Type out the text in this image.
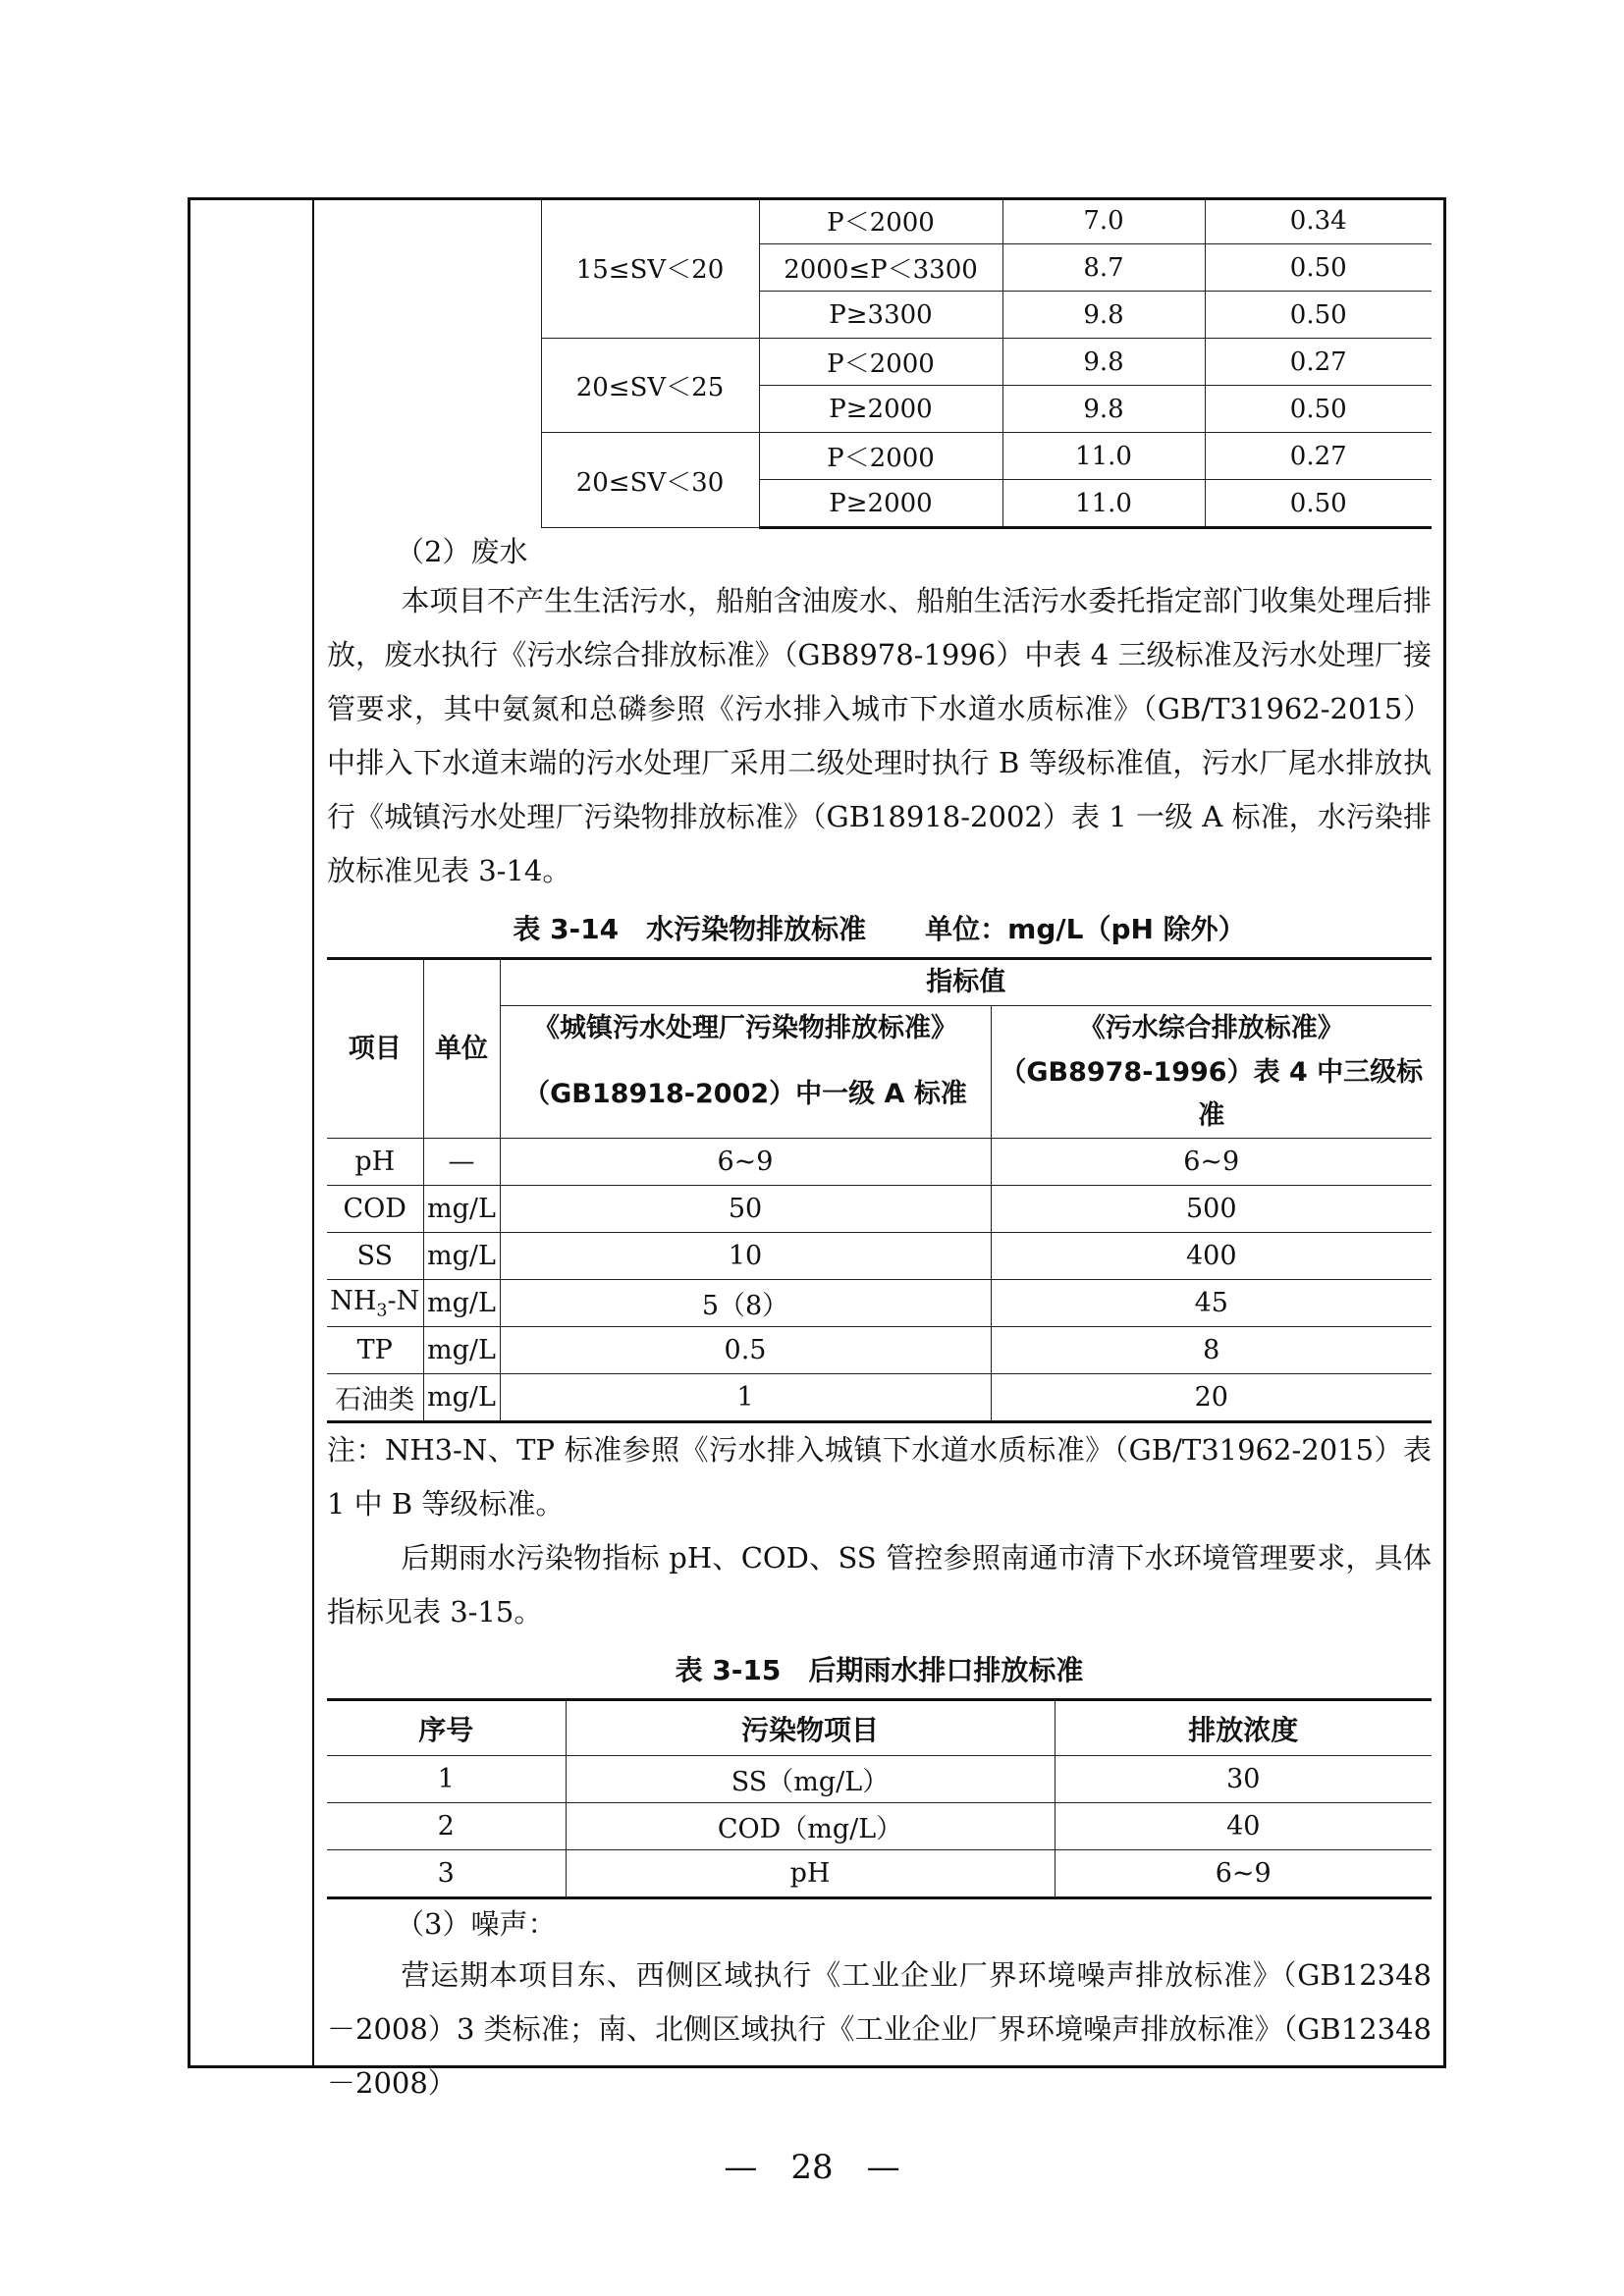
	15≤SV＜20	P＜2000	7.0	0.34
		2000≤P＜3300	8.7	0.50
		P≥3300	9.8	0.50
	20≤SV＜25	P＜2000	9.8	0.27
		P≥2000	9.8	0.50
	20≤SV＜30	P＜2000	11.0	0.27
		P≥2000	11.0	0.50

（2）废水

本项目不产生生活污水，船舶含油废水、船舶生活污水委托指定部门收集处理后排放，废水执行《污水综合排放标准》（GB8978-1996）中表 4 三级标准及污水处理厂接管要求，其中氨氮和总磷参照《污水排入城市下水道水质标准》（GB/T31962-2015）中排入下水道末端的污水处理厂采用二级处理时执行 B 等级标准值，污水厂尾水排放执行《城镇污水处理厂污染物排放标准》（GB18918-2002）表 1 一级 A 标准，水污染排放标准见表 3-14。

表 3-14　水污染物排放标准 单位：mg/L（pH 除外）

项目	单位	指标值	
		《城镇污水处理厂污染物排放标准》	《污水综合排放标准》
		（GB18918-2002）中一级 A 标准	（GB8978-1996）表 4 中三级标准
pH	—	6~9	6~9
COD	mg/L	50	500
SS	mg/L	10	400
$NH_3-N$	mg/L	5（8）	45
TP	mg/L	0.5	8
石油类	mg/L	1	20

注：NH3-N、TP 标准参照《污水排入城镇下水道水质标准》（GB/T31962-2015）表 1 中 B 等级标准。

后期雨水污染物指标 pH、COD、SS 管控参照南通市清下水环境管理要求，具体指标见表 3-15。

表 3-15　后期雨水排口排放标准

序号	污染物项目	排放浓度
1	SS（mg/L）	30
2	COD（mg/L）	40
3	pH	6~9

（3）噪声：

营运期本项目东、西侧区域执行《工业企业厂界环境噪声排放标准》（GB12348－2008）3 类标准；南、北侧区域执行《工业企业厂界环境噪声排放标准》（GB12348－2008）

—　28　—
